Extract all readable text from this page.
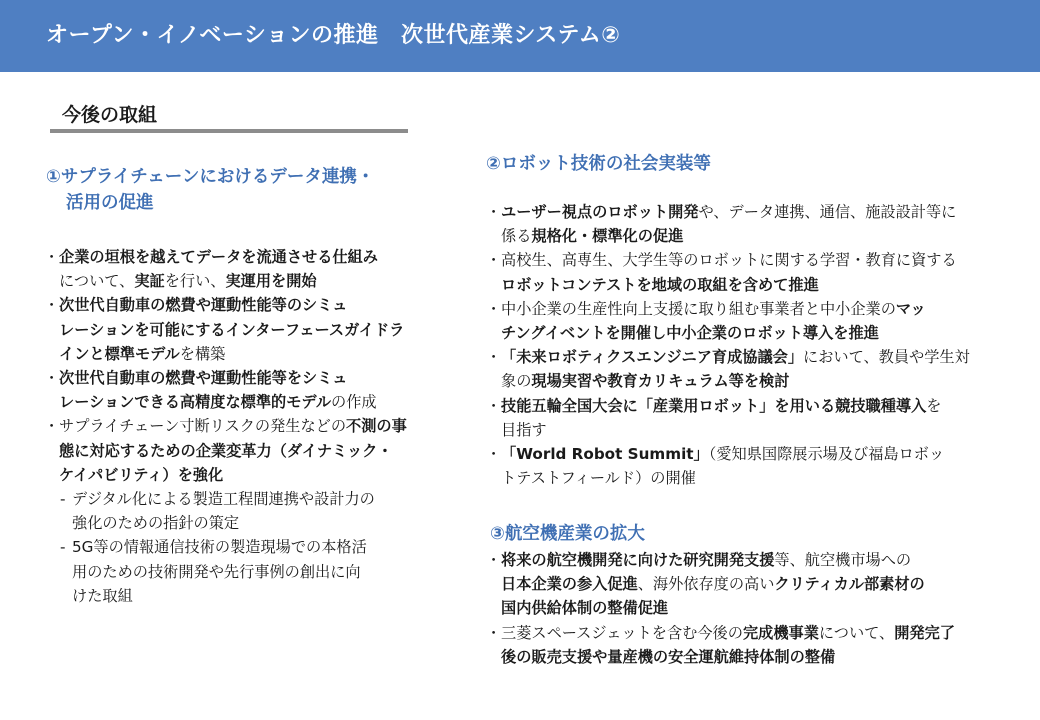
オープン・イノベーションの推進　次世代産業システム②
今後の取組
①サプライチェーンにおけるデータ連携・
活用の促進
・ 企業の垣根を越えてデータを流通させる仕組み
について、実証を行い、実運用を開始
・ 次世代自動車の燃費や運動性能等のシミュ
レーションを可能にするインターフェースガイドラ
インと標準モデルを構築
・ 次世代自動車の燃費や運動性能等をシミュ
レーションできる高精度な標準的モデルの作成
・ サプライチェーン寸断リスクの発生などの不測の事
態に対応するための企業変革力（ダイナミック・
ケイパビリティ）を強化
- デジタル化による製造工程間連携や設計力の
強化のための指針の策定
- 5G等の情報通信技術の製造現場での本格活
用のための技術開発や先行事例の創出に向
けた取組
②ロボット技術の社会実装等
・ ユーザー視点のロボット開発や、データ連携、通信、施設設計等に
係る規格化・標準化の促進
・ 高校生、高専生、大学生等のロボットに関する学習・教育に資する
ロボットコンテストを地域の取組を含めて推進
・ 中小企業の生産性向上支援に取り組む事業者と中小企業のマッ
チングイベントを開催し中小企業のロボット導入を推進
・ 「未来ロボティクスエンジニア育成協議会」において、教員や学生対
象の現場実習や教育カリキュラム等を検討
・ 技能五輪全国大会に「産業用ロボット」を用いる競技職種導入を
目指す
・ 「World Robot Summit」（愛知県国際展示場及び福島ロボッ
トテストフィールド）の開催
③航空機産業の拡大
・ 将来の航空機開発に向けた研究開発支援等、航空機市場への
日本企業の参入促進、海外依存度の高いクリティカル部素材の
国内供給体制の整備促進
・ 三菱スペースジェットを含む今後の完成機事業について、開発完了
後の販売支援や量産機の安全運航維持体制の整備
